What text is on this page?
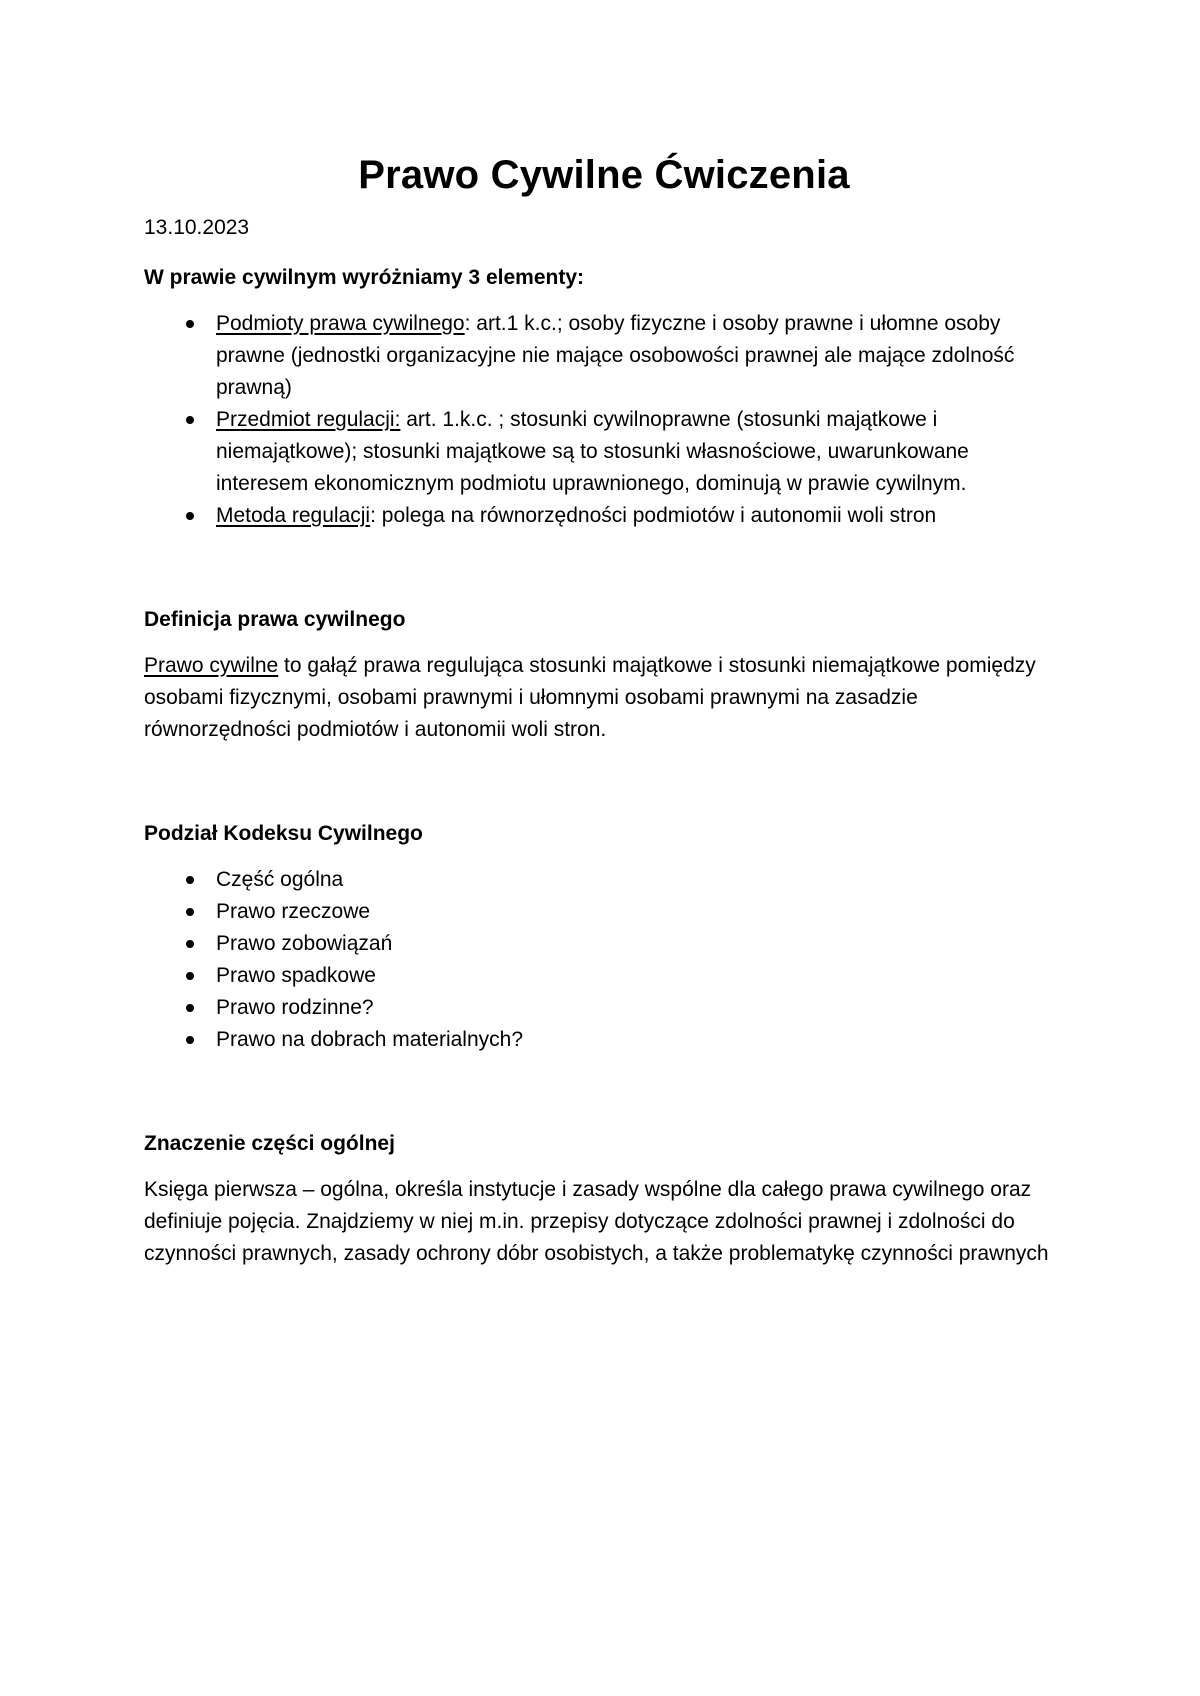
Prawo Cywilne Ćwiczenia
13.10.2023
W prawie cywilnym wyróżniamy 3 elementy:
Podmioty prawa cywilnego: art.1 k.c.; osoby fizyczne i osoby prawne i ułomne osoby prawne (jednostki organizacyjne nie mające osobowości prawnej ale mające zdolność prawną)
Przedmiot regulacji: art. 1.k.c. ; stosunki cywilnoprawne (stosunki majątkowe i niemajątkowe); stosunki majątkowe są to stosunki własnościowe, uwarunkowane interesem ekonomicznym podmiotu uprawnionego, dominują w prawie cywilnym.
Metoda regulacji: polega na równorzędności podmiotów i autonomii woli stron
Definicja prawa cywilnego

Prawo cywilne to gałąź prawa regulująca stosunki majątkowe i stosunki niemajątkowe pomiędzy osobami fizycznymi, osobami prawnymi i ułomnymi osobami prawnymi na zasadzie równorzędności podmiotów i autonomii woli stron.

Podział Kodeksu Cywilnego
Część ogólna
Prawo rzeczowe
Prawo zobowiązań
Prawo spadkowe
Prawo rodzinne?
Prawo na dobrach materialnych?
Znaczenie części ogólnej

Księga pierwsza – ogólna, określa instytucje i zasady wspólne dla całego prawa cywilnego oraz definiuje pojęcia. Znajdziemy w niej m.in. przepisy dotyczące zdolności prawnej i zdolności do czynności prawnych, zasady ochrony dóbr osobistych, a także problematykę czynności prawnych
